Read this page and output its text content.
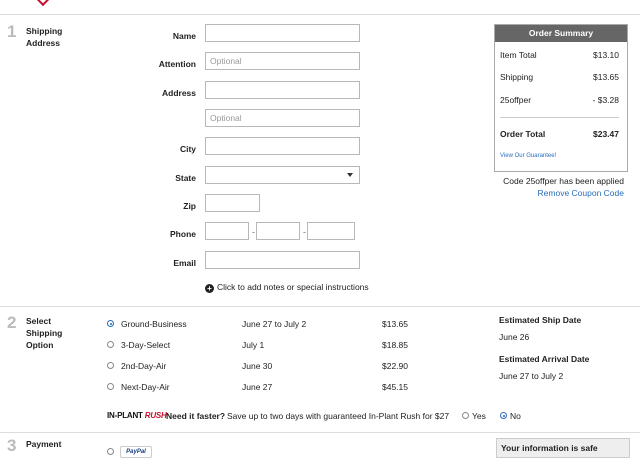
1 Shipping
Address
Name
Attention	Optional
Address
Optional
City
State
Zip
Phone	-	-
Email
+ Click to add notes or special instructions
Order Summary
Item Total	$13.10
Shipping	$13.65
25offper	- $3.28
Order Total	$23.47
View Our Guarantee!
Code 25offper has been applied
Remove Coupon Code
2 Select
Shipping
Option
Ground-Business	June 27 to July 2	$13.65
3-Day-Select	July 1	$18.85
2nd-Day-Air	June 30	$22.90
Next-Day-Air	June 27	$45.15
Estimated Ship Date
June 26
Estimated Arrival Date
June 27 to July 2
IN-PLANT RUSH Need it faster? Save up to two days with guaranteed In-Plant Rush for $27	Yes	No
3 Payment
PayPal	Your information is safe
